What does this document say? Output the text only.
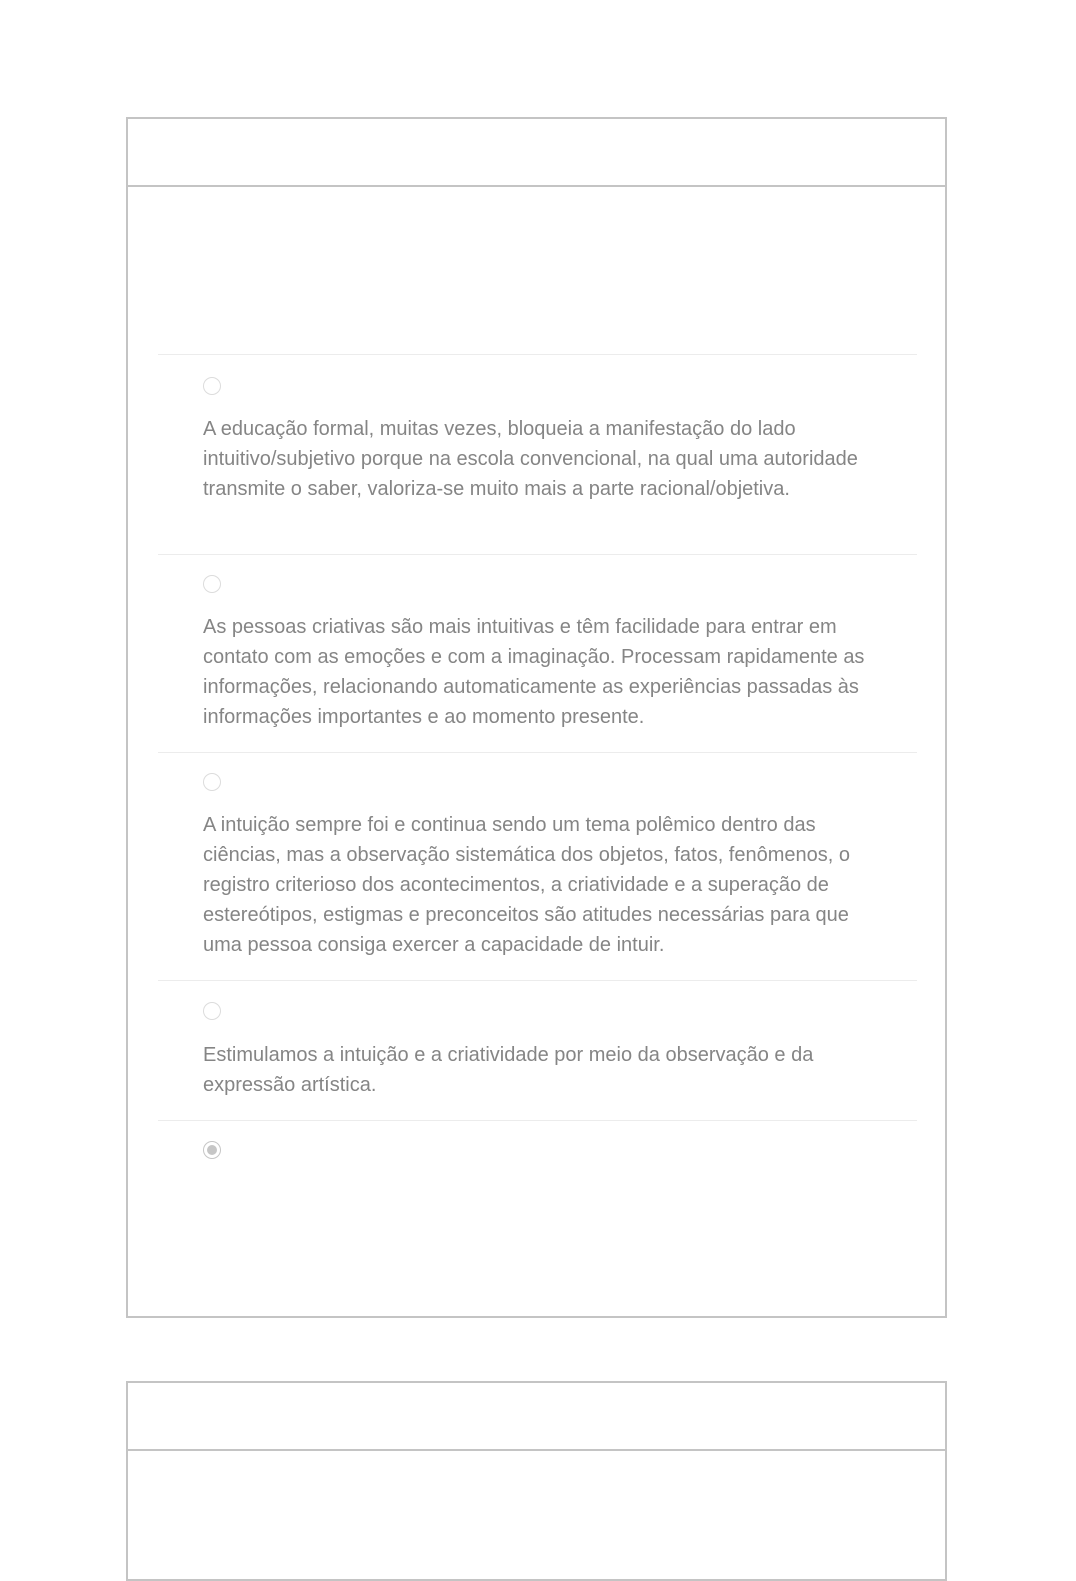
A educação formal, muitas vezes, bloqueia a manifestação do lado intuitivo/subjetivo porque na escola convencional, na qual uma autoridade transmite o saber, valoriza-se muito mais a parte racional/objetiva.

As pessoas criativas são mais intuitivas e têm facilidade para entrar em contato com as emoções e com a imaginação. Processam rapidamente as informações, relacionando automaticamente as experiências passadas às informações importantes e ao momento presente.

A intuição sempre foi e continua sendo um tema polêmico dentro das ciências, mas a observação sistemática dos objetos, fatos, fenômenos, o registro criterioso dos acontecimentos, a criatividade e a superação de estereótipos, estigmas e preconceitos são atitudes necessárias para que uma pessoa consiga exercer a capacidade de intuir.

Estimulamos a intuição e a criatividade por meio da observação e da expressão artística.
